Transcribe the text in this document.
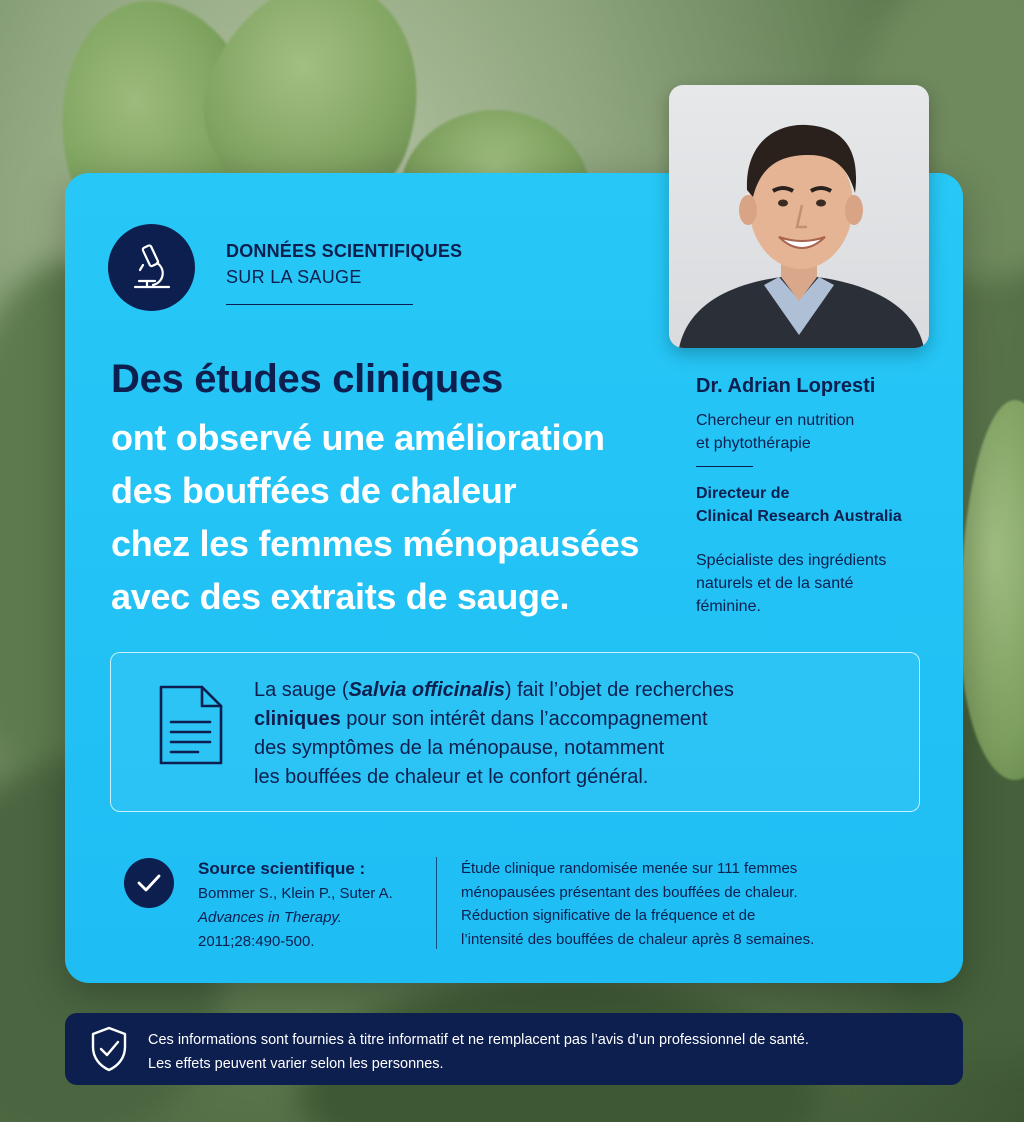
DONNÉES SCIENTIFIQUES
SUR LA SAUGE
Des études cliniques
ont observé une amélioration
des bouffées de chaleur
chez les femmes ménopausées
avec des extraits de sauge.
Dr. Adrian Lopresti
Chercheur en nutrition
et phytothérapie
Directeur de
Clinical Research Australia
Spécialiste des ingrédients
naturels et de la santé
féminine.
La sauge (Salvia officinalis) fait l’objet de recherches
cliniques pour son intérêt dans l’accompagnement
des symptômes de la ménopause, notamment
les bouffées de chaleur et le confort général.
Source scientifique :
Bommer S., Klein P., Suter A.
Advances in Therapy.
2011;28:490-500.
Étude clinique randomisée menée sur 111 femmes
ménopausées présentant des bouffées de chaleur.
Réduction significative de la fréquence et de
l’intensité des bouffées de chaleur après 8 semaines.
Ces informations sont fournies à titre informatif et ne remplacent pas l’avis d’un professionnel de santé.
Les effets peuvent varier selon les personnes.
